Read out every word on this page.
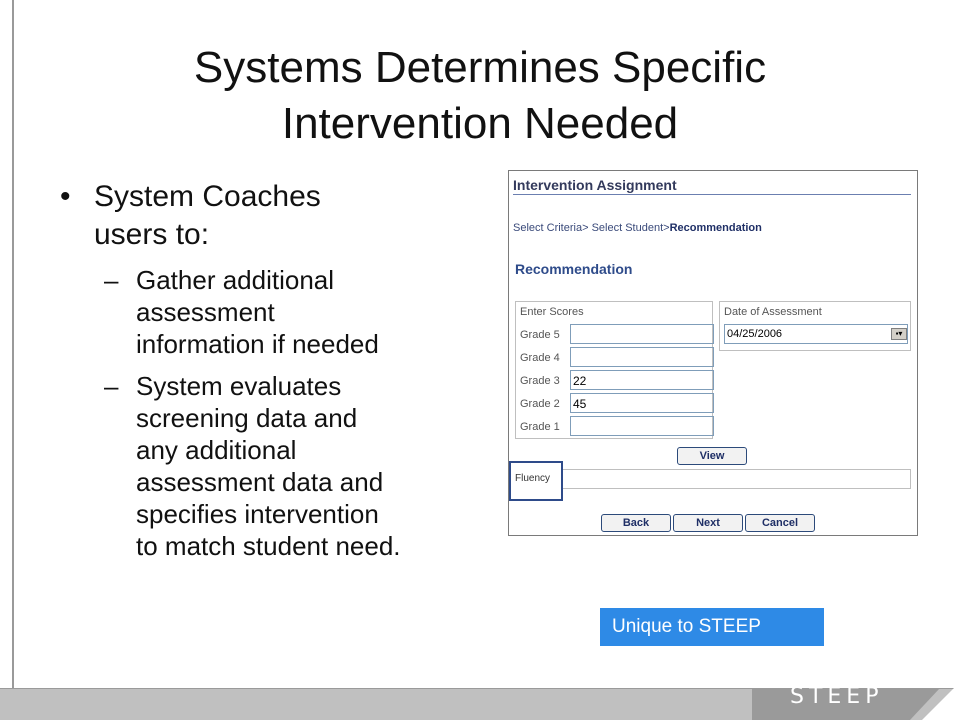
STEEP
Systems Determines Specific
Intervention Needed
• System Coaches
users to:
– Gather additional
assessment
information if needed
– System evaluates
screening data and
any additional
assessment data and
specifies intervention
to match student need.
Intervention Assignment
Select Criteria> Select Student>Recommendation
Recommendation
Enter Scores
Grade 5
Grade 4
Grade 3 22
Grade 2 45
Grade 1
Date of Assessment
04/25/2006	▪▾
View
Fluency
Back	Next	Cancel
Unique to STEEP
